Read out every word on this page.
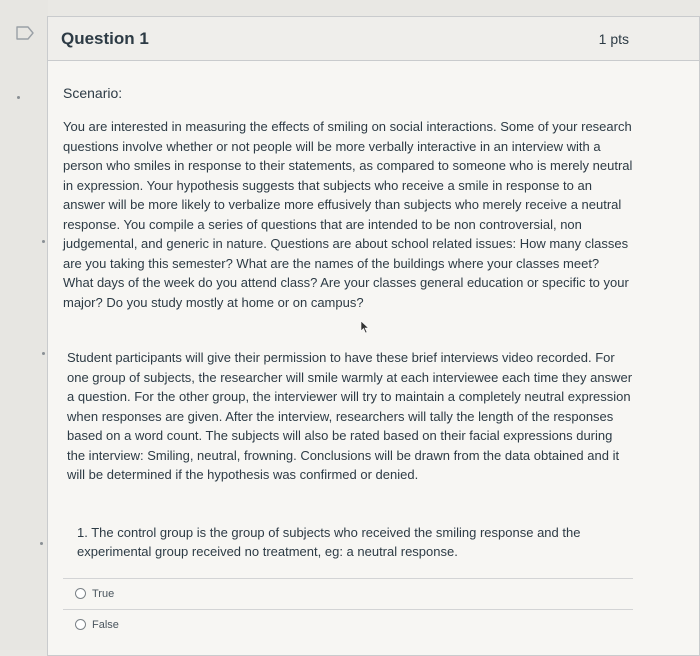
Question 1	1 pts

Scenario:

You are interested in measuring the effects of smiling on social interactions. Some of your research questions involve whether or not people will be more verbally interactive in an interview with a person who smiles in response to their statements, as compared to someone who is merely neutral in expression. Your hypothesis suggests that subjects who receive a smile in response to an answer will be more likely to verbalize more effusively than subjects who merely receive a neutral response. You compile a series of questions that are intended to be non controversial, non judgemental, and generic in nature. Questions are about school related issues: How many classes are you taking this semester? What are the names of the buildings where your classes meet? What days of the week do you attend class? Are your classes general education or specific to your major? Do you study mostly at home or on campus?

Student participants will give their permission to have these brief interviews video recorded. For one group of subjects, the researcher will smile warmly at each interviewee each time they answer a question. For the other group, the interviewer will try to maintain a completely neutral expression when responses are given. After the interview, researchers will tally the length of the responses based on a word count. The subjects will also be rated based on their facial expressions during the interview: Smiling, neutral, frowning. Conclusions will be drawn from the data obtained and it will be determined if the hypothesis was confirmed or denied.

1. The control group is the group of subjects who received the smiling response and the experimental group received no treatment, eg: a neutral response.

True
False
